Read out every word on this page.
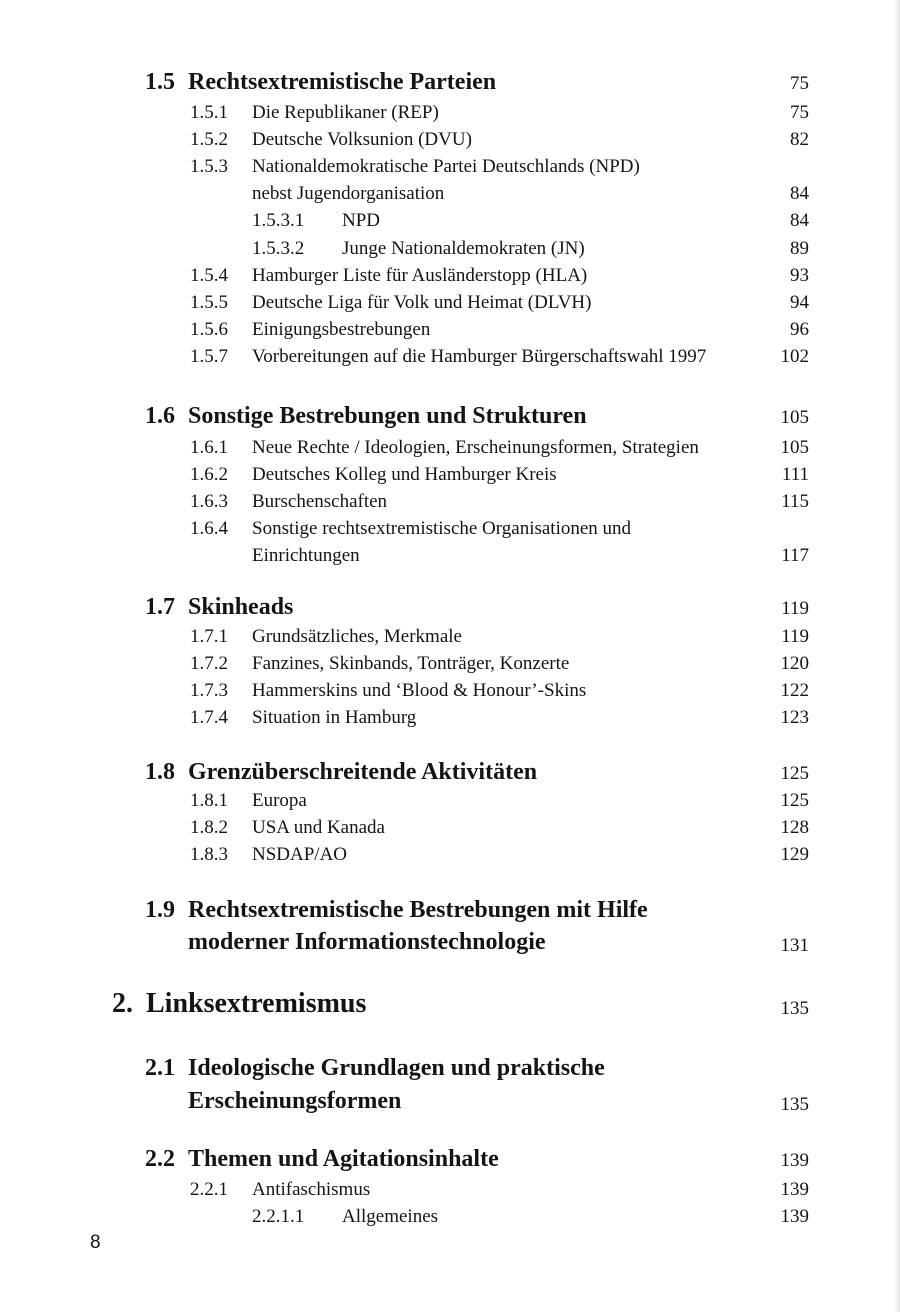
1.5 Rechtsextremistische Parteien	75
1.5.1 Die Republikaner (REP)	75
1.5.2 Deutsche Volksunion (DVU)	82
1.5.3 Nationaldemokratische Partei Deutschlands (NPD)
nebst Jugendorganisation	84
1.5.3.1 NPD	84
1.5.3.2 Junge Nationaldemokraten (JN)	89
1.5.4 Hamburger Liste für Ausländerstopp (HLA)	93
1.5.5 Deutsche Liga für Volk und Heimat (DLVH)	94
1.5.6 Einigungsbestrebungen	96
1.5.7 Vorbereitungen auf die Hamburger Bürgerschaftswahl 1997	102
1.6 Sonstige Bestrebungen und Strukturen	105
1.6.1 Neue Rechte / Ideologien, Erscheinungsformen, Strategien	105
1.6.2 Deutsches Kolleg und Hamburger Kreis	111
1.6.3 Burschenschaften	115
1.6.4 Sonstige rechtsextremistische Organisationen und
Einrichtungen	117
1.7 Skinheads	119
1.7.1 Grundsätzliches, Merkmale	119
1.7.2 Fanzines, Skinbands, Tonträger, Konzerte	120
1.7.3 Hammerskins und ‘Blood & Honour’-Skins	122
1.7.4 Situation in Hamburg	123
1.8 Grenzüberschreitende Aktivitäten	125
1.8.1 Europa	125
1.8.2 USA und Kanada	128
1.8.3 NSDAP/AO	129
1.9 Rechtsextremistische Bestrebungen mit Hilfe
moderner Informationstechnologie	131
2. Linksextremismus	135
2.1 Ideologische Grundlagen und praktische
Erscheinungsformen	135
2.2 Themen und Agitationsinhalte	139
2.2.1 Antifaschismus	139
2.2.1.1 Allgemeines	139
8
